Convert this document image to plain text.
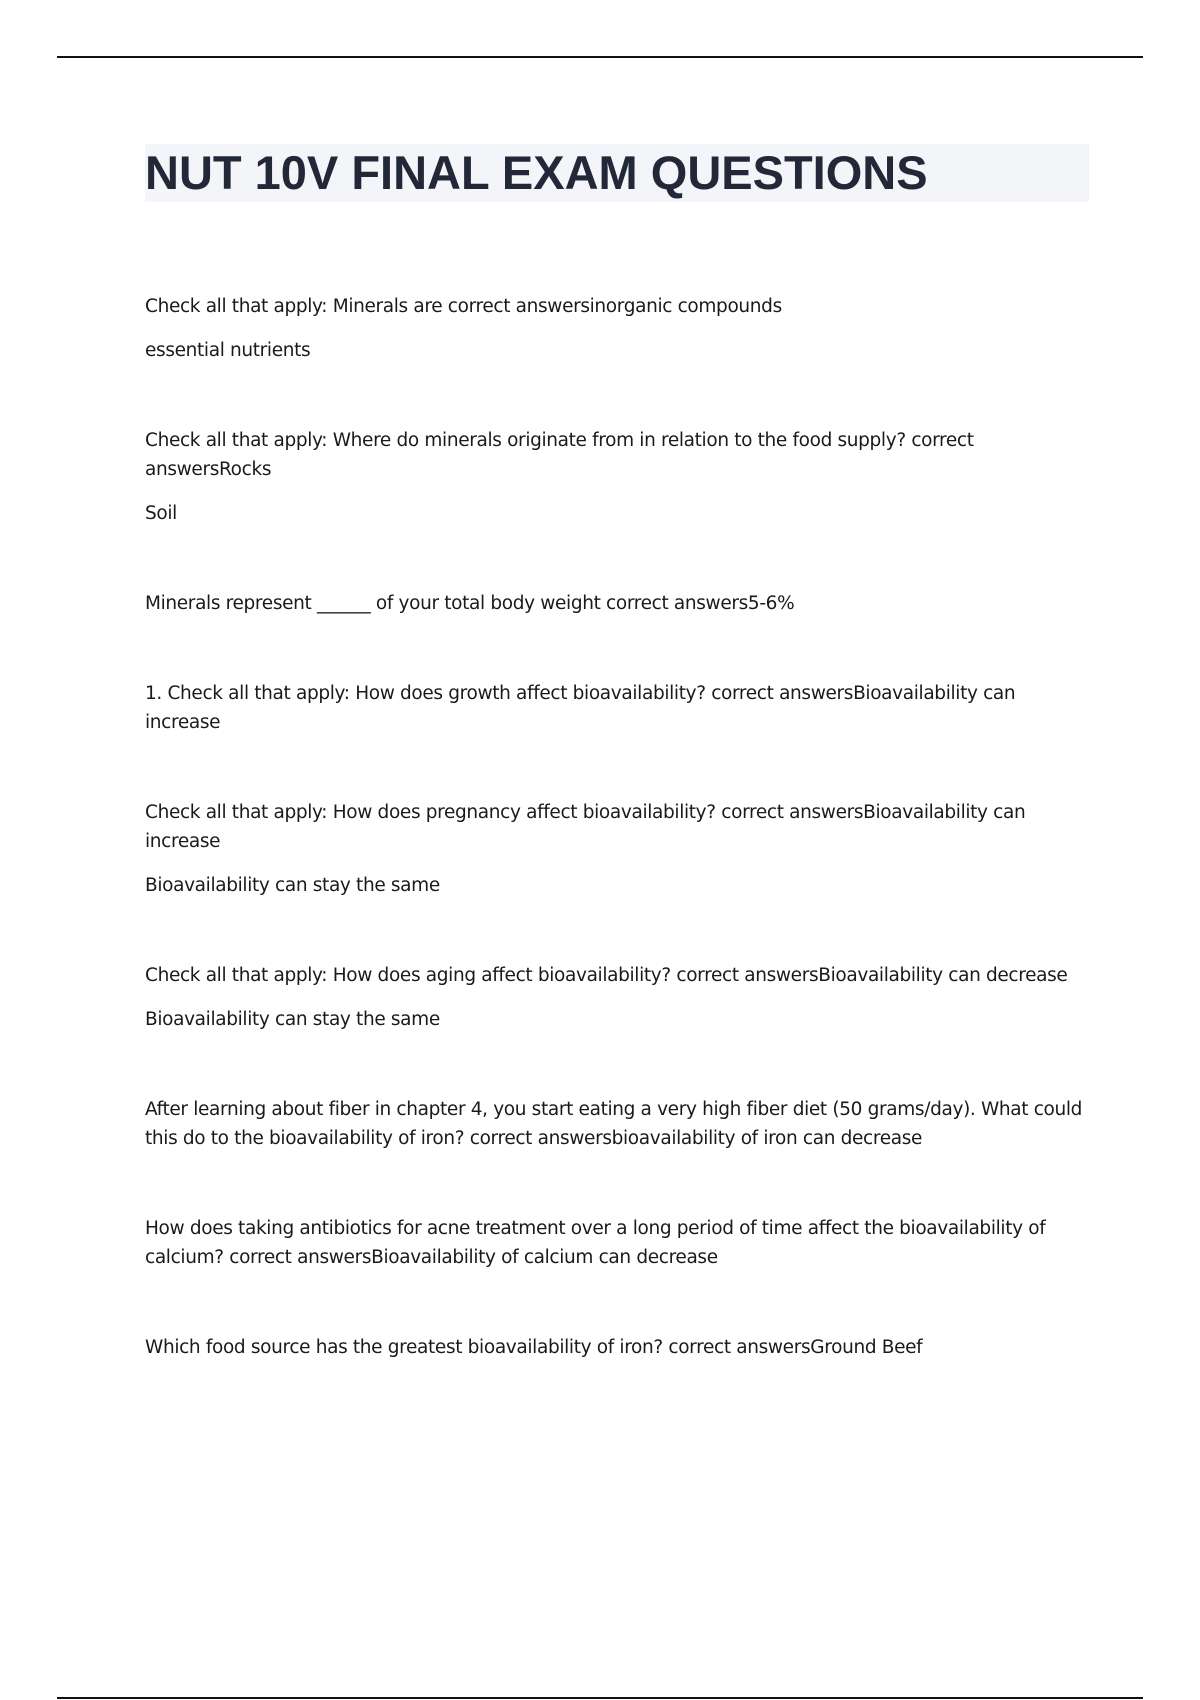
NUT 10V FINAL EXAM QUESTIONS

Check all that apply: Minerals are correct answersinorganic compounds

essential nutrients

Check all that apply: Where do minerals originate from in relation to the food supply? correct answersRocks

Soil

Minerals represent ______ of your total body weight correct answers5-6%

1. Check all that apply: How does growth affect bioavailability? correct answersBioavailability can increase

Check all that apply: How does pregnancy affect bioavailability? correct answersBioavailability can increase

Bioavailability can stay the same

Check all that apply: How does aging affect bioavailability? correct answersBioavailability can decrease

Bioavailability can stay the same

After learning about fiber in chapter 4, you start eating a very high fiber diet (50 grams/day). What could this do to the bioavailability of iron? correct answersbioavailability of iron can decrease

How does taking antibiotics for acne treatment over a long period of time affect the bioavailability of calcium? correct answersBioavailability of calcium can decrease

Which food source has the greatest bioavailability of iron? correct answersGround Beef
